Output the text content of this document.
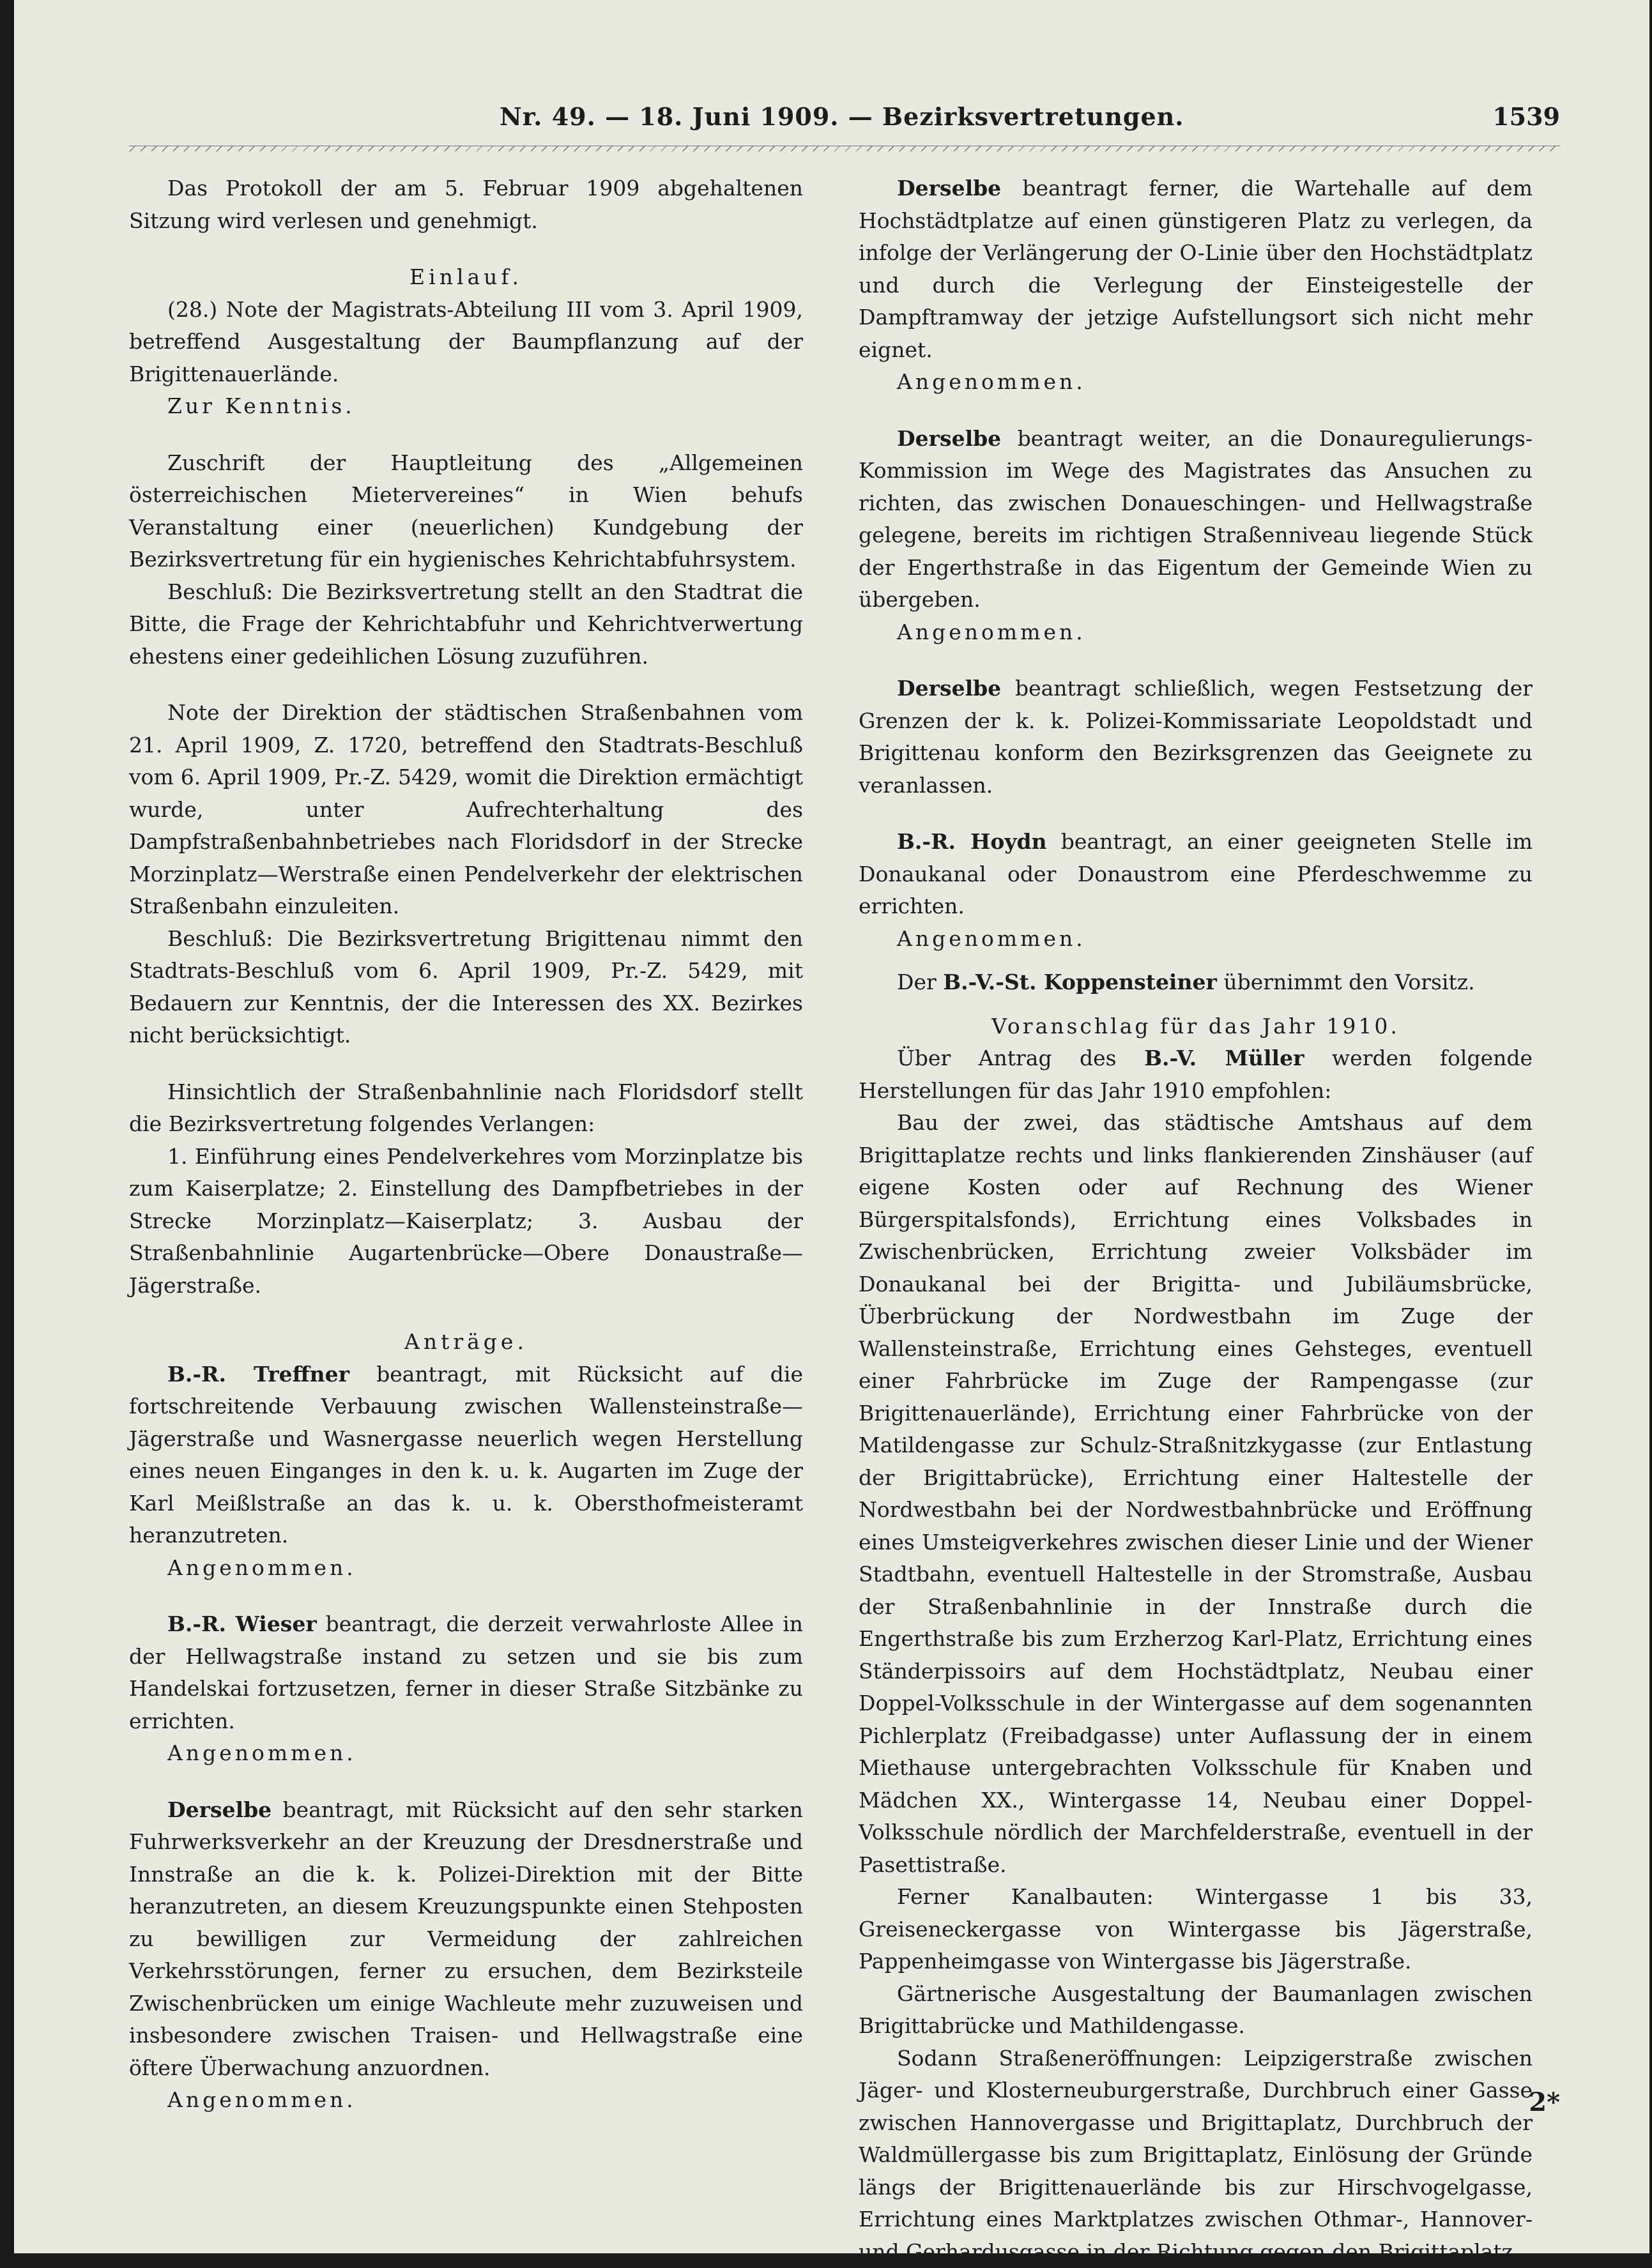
Nr. 49. — 18. Juni 1909. — Bezirksvertretungen.	1539

Das Protokoll der am 5. Februar 1909 abgehaltenen Sitzung wird verlesen und genehmigt.

Einlauf.

(28.) Note der Magistrats-Abteilung III vom 3. April 1909, betreffend Ausgestaltung der Baumpflanzung auf der Brigittenauerlände.

Zur Kenntnis.

Zuschrift der Hauptleitung des „Allgemeinen österreichischen Mietervereines“ in Wien behufs Veranstaltung einer (neuerlichen) Kundgebung der Bezirksvertretung für ein hygienisches Kehrichtabfuhrsystem.

Beschluß: Die Bezirksvertretung stellt an den Stadtrat die Bitte, die Frage der Kehrichtabfuhr und Kehrichtverwertung ehestens einer gedeihlichen Lösung zuzuführen.

Note der Direktion der städtischen Straßenbahnen vom 21. April 1909, Z. 1720, betreffend den Stadtrats-Beschluß vom 6. April 1909, Pr.-Z. 5429, womit die Direktion ermächtigt wurde, unter Aufrechterhaltung des Dampfstraßenbahnbetriebes nach Floridsdorf in der Strecke Morzinplatz—Werstraße einen Pendelverkehr der elektrischen Straßenbahn einzuleiten.

Beschluß: Die Bezirksvertretung Brigittenau nimmt den Stadtrats-Beschluß vom 6. April 1909, Pr.-Z. 5429, mit Bedauern zur Kenntnis, der die Interessen des XX. Bezirkes nicht berücksichtigt.

Hinsichtlich der Straßenbahnlinie nach Floridsdorf stellt die Bezirksvertretung folgendes Verlangen:

1. Einführung eines Pendelverkehres vom Morzinplatze bis zum Kaiserplatze; 2. Einstellung des Dampfbetriebes in der Strecke Morzinplatz—Kaiserplatz; 3. Ausbau der Straßenbahnlinie Augartenbrücke—Obere Donaustraße—Jägerstraße.

Anträge.

B.-R. Treffner beantragt, mit Rücksicht auf die fortschreitende Verbauung zwischen Wallensteinstraße—Jägerstraße und Wasnergasse neuerlich wegen Herstellung eines neuen Einganges in den k. u. k. Augarten im Zuge der Karl Meißlstraße an das k. u. k. Obersthofmeisteramt heranzutreten.

Angenommen.

B.-R. Wieser beantragt, die derzeit verwahrloste Allee in der Hellwagstraße instand zu setzen und sie bis zum Handelskai fortzusetzen, ferner in dieser Straße Sitzbänke zu errichten.

Angenommen.

Derselbe beantragt, mit Rücksicht auf den sehr starken Fuhrwerksverkehr an der Kreuzung der Dresdnerstraße und Innstraße an die k. k. Polizei-Direktion mit der Bitte heranzutreten, an diesem Kreuzungspunkte einen Stehposten zu bewilligen zur Vermeidung der zahlreichen Verkehrsstörungen, ferner zu ersuchen, dem Bezirksteile Zwischenbrücken um einige Wachleute mehr zuzuweisen und insbesondere zwischen Traisen- und Hellwagstraße eine öftere Überwachung anzuordnen.

Angenommen.

Derselbe beantragt ferner, die Wartehalle auf dem Hochstädtplatze auf einen günstigeren Platz zu verlegen, da infolge der Verlängerung der O-Linie über den Hochstädtplatz und durch die Verlegung der Einsteigestelle der Dampftramway der jetzige Aufstellungsort sich nicht mehr eignet.

Angenommen.

Derselbe beantragt weiter, an die Donauregulierungs-Kommission im Wege des Magistrates das Ansuchen zu richten, das zwischen Donaueschingen- und Hellwagstraße gelegene, bereits im richtigen Straßenniveau liegende Stück der Engerthstraße in das Eigentum der Gemeinde Wien zu übergeben.

Angenommen.

Derselbe beantragt schließlich, wegen Festsetzung der Grenzen der k. k. Polizei-Kommissariate Leopoldstadt und Brigittenau konform den Bezirksgrenzen das Geeignete zu veranlassen.

B.-R. Hoydn beantragt, an einer geeigneten Stelle im Donaukanal oder Donaustrom eine Pferdeschwemme zu errichten.

Angenommen.

Der B.-V.-St. Koppensteiner übernimmt den Vorsitz.

Voranschlag für das Jahr 1910.

Über Antrag des B.-V. Müller werden folgende Herstellungen für das Jahr 1910 empfohlen:

Bau der zwei, das städtische Amtshaus auf dem Brigittaplatze rechts und links flankierenden Zinshäuser (auf eigene Kosten oder auf Rechnung des Wiener Bürgerspitalsfonds), Errichtung eines Volksbades in Zwischenbrücken, Errichtung zweier Volksbäder im Donaukanal bei der Brigitta- und Jubiläumsbrücke, Überbrückung der Nordwestbahn im Zuge der Wallensteinstraße, Errichtung eines Gehsteges, eventuell einer Fahrbrücke im Zuge der Rampengasse (zur Brigittenauerlände), Errichtung einer Fahrbrücke von der Matildengasse zur Schulz-Straßnitzkygasse (zur Entlastung der Brigittabrücke), Errichtung einer Haltestelle der Nordwestbahn bei der Nordwestbahnbrücke und Eröffnung eines Umsteigverkehres zwischen dieser Linie und der Wiener Stadtbahn, eventuell Haltestelle in der Stromstraße, Ausbau der Straßenbahnlinie in der Innstraße durch die Engerthstraße bis zum Erzherzog Karl-Platz, Errichtung eines Ständerpissoirs auf dem Hochstädtplatz, Neubau einer Doppel-Volksschule in der Wintergasse auf dem sogenannten Pichlerplatz (Freibadgasse) unter Auflassung der in einem Miethause untergebrachten Volksschule für Knaben und Mädchen XX., Wintergasse 14, Neubau einer Doppel-Volksschule nördlich der Marchfelderstraße, eventuell in der Pasettistraße.

Ferner Kanalbauten: Wintergasse 1 bis 33, Greiseneckergasse von Wintergasse bis Jägerstraße, Pappenheimgasse von Wintergasse bis Jägerstraße.

Gärtnerische Ausgestaltung der Baumanlagen zwischen Brigittabrücke und Mathildengasse.

Sodann Straßeneröffnungen: Leipzigerstraße zwischen Jäger- und Klosterneuburgerstraße, Durchbruch einer Gasse zwischen Hannovergasse und Brigittaplatz, Durchbruch der Waldmüllergasse bis zum Brigittaplatz, Einlösung der Gründe längs der Brigittenauerlände bis zur Hirschvogelgasse, Errichtung eines Marktplatzes zwischen Othmar-, Hannover- und Gerhardusgasse in der Richtung gegen den Brigittaplatz.

2*
